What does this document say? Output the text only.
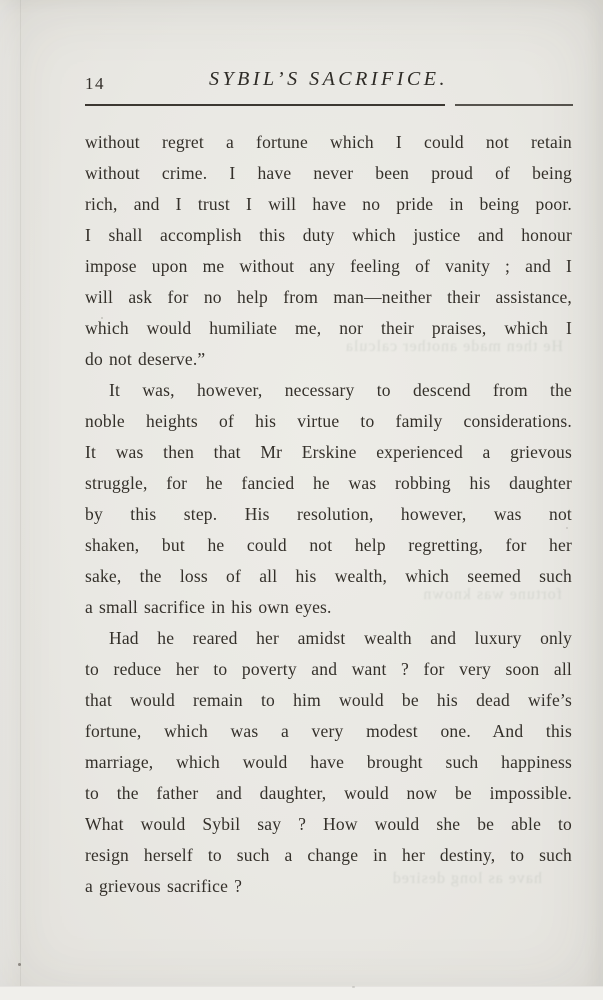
14	SYBIL’S SACRIFICE.
without regret a fortune which I could not retain
without crime. I have never been proud of being
rich, and I trust I will have no pride in being poor.
I shall accomplish this duty which justice and honour
impose upon me without any feeling of vanity ; and I
will ask for no help from man—neither their assistance,
which would humiliate me, nor their praises, which I
do not deserve.”
It was, however, necessary to descend from the
noble heights of his virtue to family considerations.
It was then that Mr Erskine experienced a grievous
struggle, for he fancied he was robbing his daughter
by this step. His resolution, however, was not
shaken, but he could not help regretting, for her
sake, the loss of all his wealth, which seemed such
a small sacrifice in his own eyes.
Had he reared her amidst wealth and luxury only
to reduce her to poverty and want ? for very soon all
that would remain to him would be his dead wife’s
fortune, which was a very modest one. And this
marriage, which would have brought such happiness
to the father and daughter, would now be impossible.
What would Sybil say ? How would she be able to
resign herself to such a change in her destiny, to such
a grievous sacrifice ?
He then made another calcula
fortune was known
have as long desired
